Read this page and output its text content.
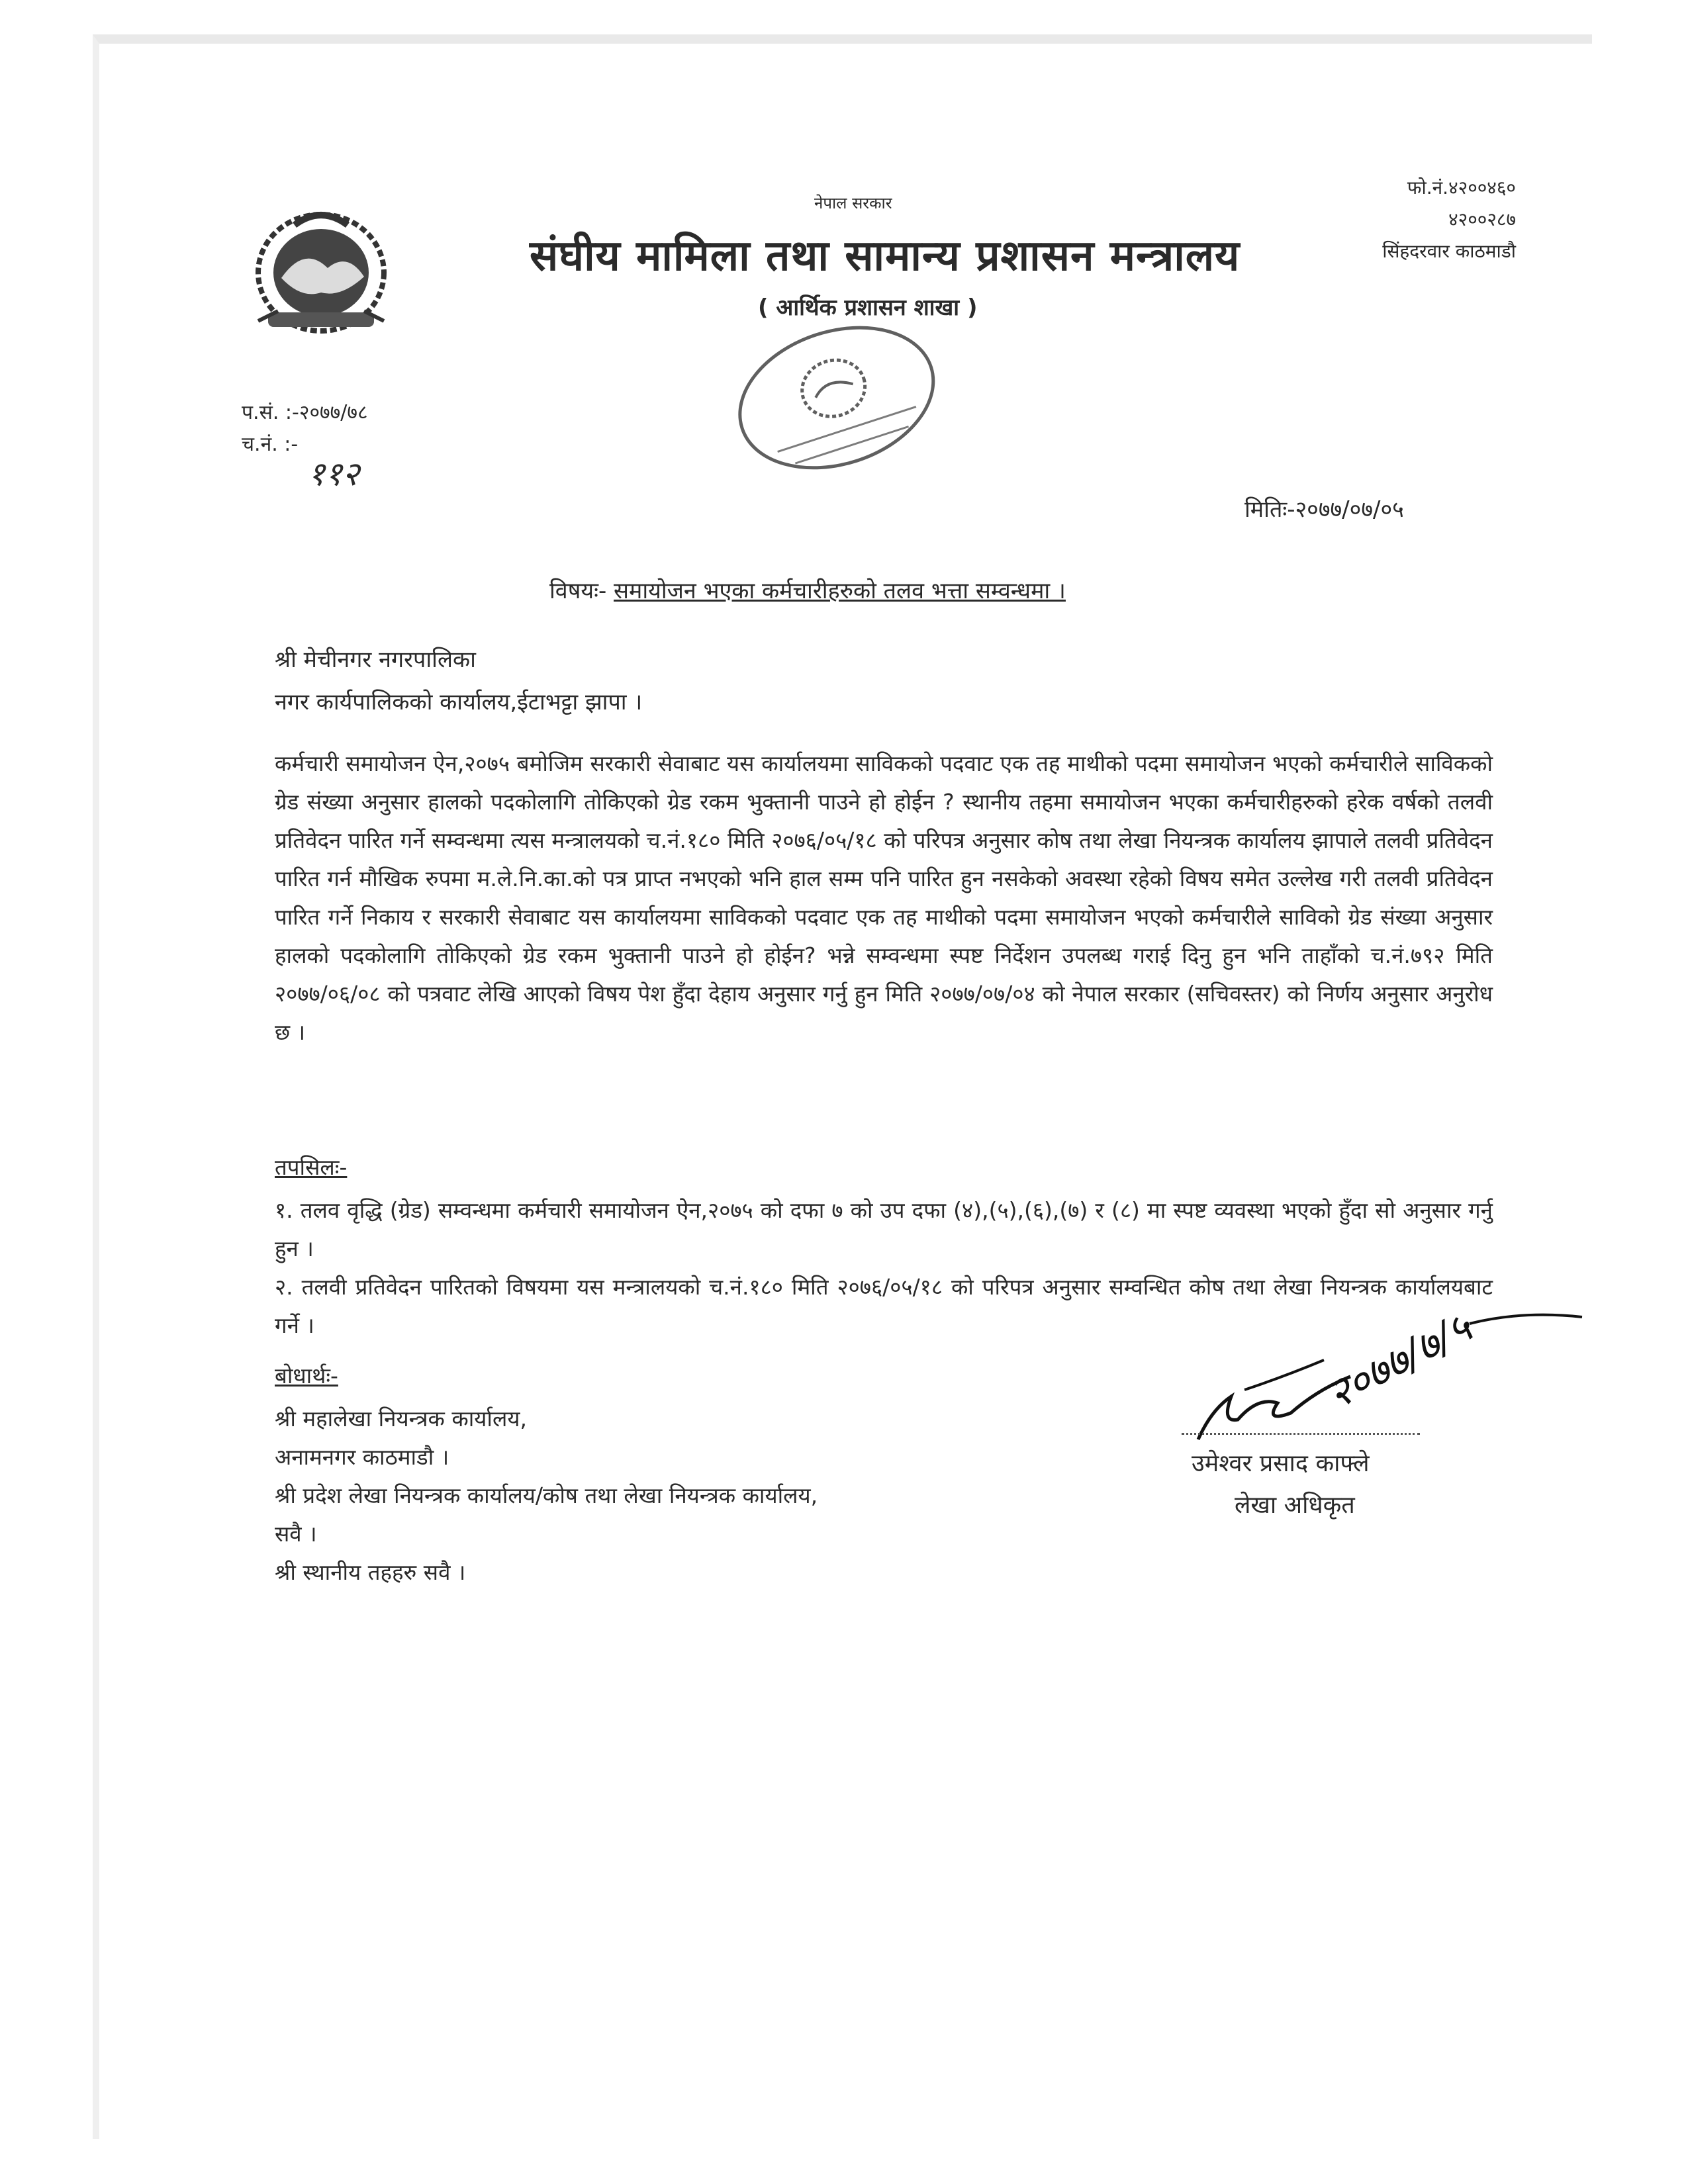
नेपाल सरकार
संघीय मामिला तथा सामान्य प्रशासन मन्त्रालय
( आर्थिक प्रशासन शाखा )
फो.नं.४२००४६०
४२००२८७
सिंहदरवार काठमाडौ
प.सं. :-२०७७/७८
च.नं. :-
११२
मितिः-२०७७/०७/०५
विषयः- समायोजन भएका कर्मचारीहरुको तलव भत्ता सम्वन्धमा ।
श्री मेचीनगर नगरपालिका
नगर कार्यपालिकको कार्यालय,ईटाभट्टा झापा ।

कर्मचारी समायोजन ऐन,२०७५ बमोजिम सरकारी सेवाबाट यस कार्यालयमा साविकको पदवाट एक तह माथीको पदमा समायोजन भएको कर्मचारीले साविकको ग्रेड संख्या अनुसार हालको पदकोलागि तोकिएको ग्रेड रकम भुक्तानी पाउने हो होईन ? स्थानीय तहमा समायोजन भएका कर्मचारीहरुको हरेक वर्षको तलवी प्रतिवेदन पारित गर्ने सम्वन्धमा त्यस मन्त्रालयको च.नं.१८० मिति २०७६/०५/१८ को परिपत्र अनुसार कोष तथा लेखा नियन्त्रक कार्यालय झापाले तलवी प्रतिवेदन पारित गर्न मौखिक रुपमा म.ले.नि.का.को पत्र प्राप्त नभएको भनि हाल सम्म पनि पारित हुन नसकेको अवस्था रहेको विषय समेत उल्लेख गरी तलवी प्रतिवेदन पारित गर्ने निकाय र सरकारी सेवाबाट यस कार्यालयमा साविकको पदवाट एक तह माथीको पदमा समायोजन भएको कर्मचारीले साविको ग्रेड संख्या अनुसार हालको पदकोलागि तोकिएको ग्रेड रकम भुक्तानी पाउने हो होईन? भन्ने सम्वन्धमा स्पष्ट निर्देशन उपलब्ध गराई दिनु हुन भनि ताहाँको च.नं.७९२ मिति २०७७/०६/०८ को पत्रवाट लेखि आएको विषय पेश हुँदा देहाय अनुसार गर्नु हुन मिति २०७७/०७/०४ को नेपाल सरकार (सचिवस्तर) को निर्णय अनुसार अनुरोध छ ।

तपसिलः-

१. तलव वृद्धि (ग्रेड) सम्वन्धमा कर्मचारी समायोजन ऐन,२०७५ को दफा ७ को उप दफा (४),(५),(६),(७) र (८) मा स्पष्ट व्यवस्था भएको हुँदा सो अनुसार गर्नु हुन ।

२. तलवी प्रतिवेदन पारितको विषयमा यस मन्त्रालयको च.नं.१८० मिति २०७६/०५/१८ को परिपत्र अनुसार सम्वन्धित कोष तथा लेखा नियन्त्रक कार्यालयबाट गर्ने ।

बोधार्थः-
श्री महालेखा नियन्त्रक कार्यालय,
अनामनगर काठमाडौ ।
श्री प्रदेश लेखा नियन्त्रक कार्यालय/कोष तथा लेखा नियन्त्रक कार्यालय,
सवै ।
श्री स्थानीय तहहरु सवै ।
२०७७/७/५
उमेश्वर प्रसाद काफ्ले
लेखा अधिकृत
